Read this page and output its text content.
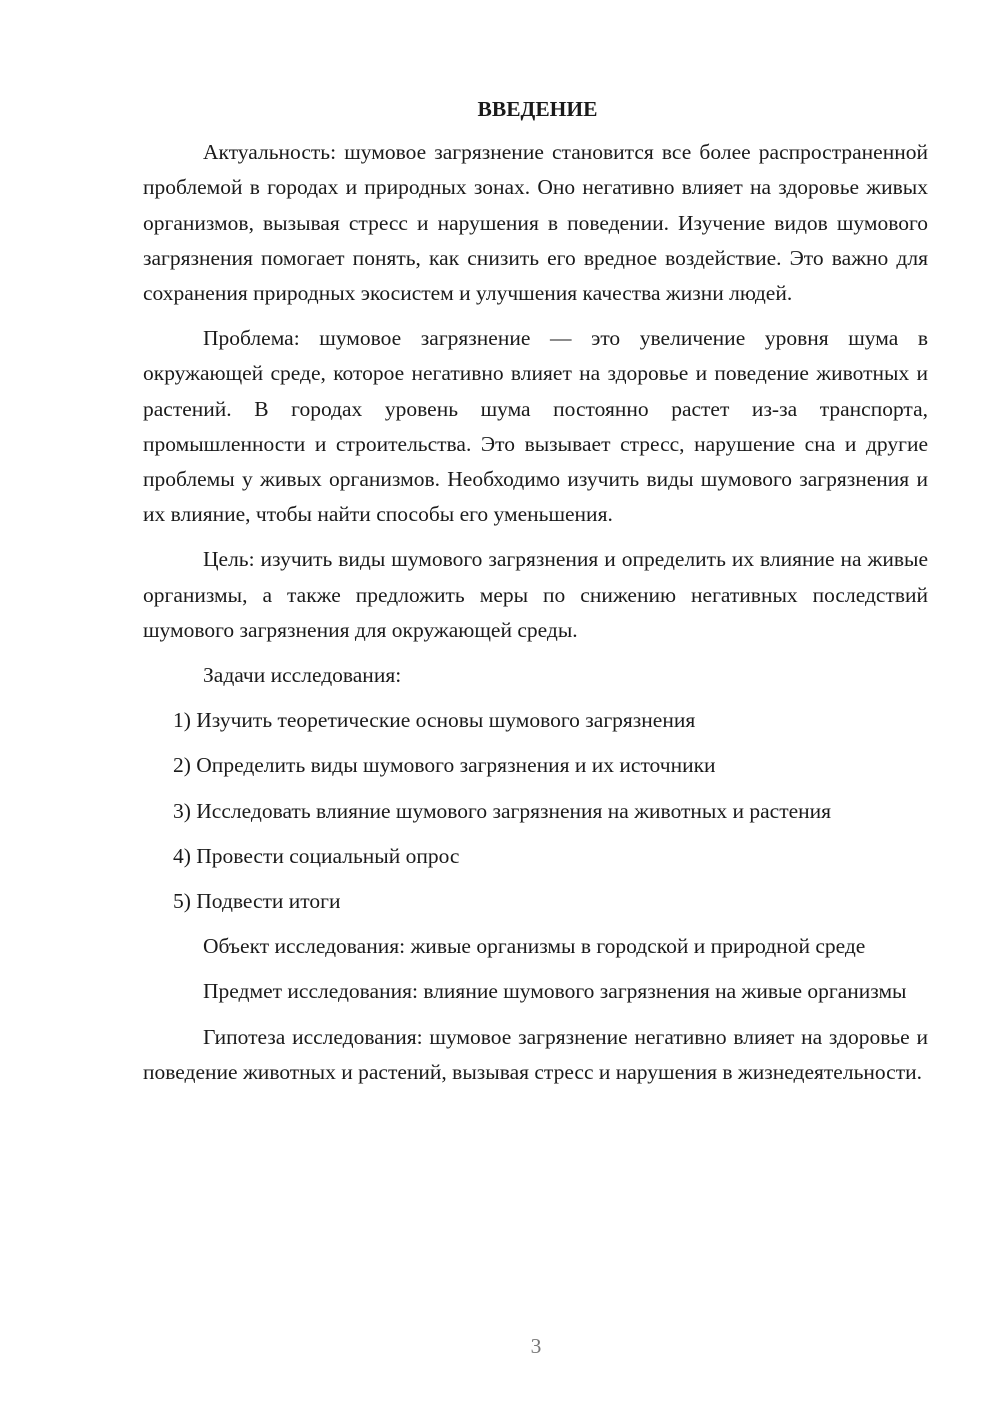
ВВЕДЕНИЕ

Актуальность: шумовое загрязнение становится все более распространенной проблемой в городах и природных зонах. Оно негативно влияет на здоровье живых организмов, вызывая стресс и нарушения в поведении. Изучение видов шумового загрязнения помогает понять, как снизить его вредное воздействие. Это важно для сохранения природных экосистем и улучшения качества жизни людей.

Проблема: шумовое загрязнение — это увеличение уровня шума в окружающей среде, которое негативно влияет на здоровье и поведение животных и растений. В городах уровень шума постоянно растет из-за транспорта, промышленности и строительства. Это вызывает стресс, нарушение сна и другие проблемы у живых организмов. Необходимо изучить виды шумового загрязнения и их влияние, чтобы найти способы его уменьшения.

Цель: изучить виды шумового загрязнения и определить их влияние на живые организмы, а также предложить меры по снижению негативных последствий шумового загрязнения для окружающей среды.

Задачи исследования:

1) Изучить теоретические основы шумового загрязнения

2) Определить виды шумового загрязнения и их источники

3) Исследовать влияние шумового загрязнения на животных и растения

4) Провести социальный опрос

5) Подвести итоги

Объект исследования: живые организмы в городской и природной среде

Предмет исследования: влияние шумового загрязнения на живые организмы

Гипотеза исследования: шумовое загрязнение негативно влияет на здоровье и поведение животных и растений, вызывая стресс и нарушения в жизнедеятельности.

3
